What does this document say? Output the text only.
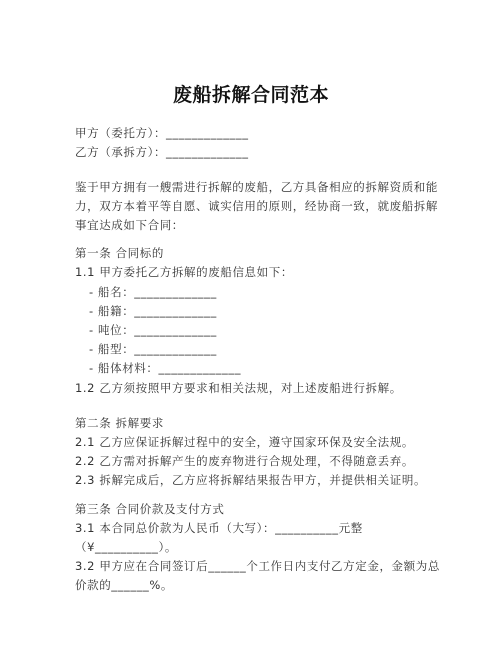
废船拆解合同范本
甲方（委托方）：_____________
乙方（承拆方）：_____________
鉴于甲方拥有一艘需进行拆解的废船，乙方具备相应的拆解资质和能
力，双方本着平等自愿、诚实信用的原则，经协商一致，就废船拆解
事宜达成如下合同：
第一条 合同标的
1.1 甲方委托乙方拆解的废船信息如下：
- 船名：_____________
- 船籍：_____________
- 吨位：_____________
- 船型：_____________
- 船体材料：_____________
1.2 乙方须按照甲方要求和相关法规，对上述废船进行拆解。
第二条 拆解要求
2.1 乙方应保证拆解过程中的安全，遵守国家环保及安全法规。
2.2 乙方需对拆解产生的废弃物进行合规处理，不得随意丢弃。
2.3 拆解完成后，乙方应将拆解结果报告甲方，并提供相关证明。
第三条 合同价款及支付方式
3.1 本合同总价款为人民币（大写）：__________元整
（¥__________）。
3.2 甲方应在合同签订后______个工作日内支付乙方定金，金额为总
价款的______%。
